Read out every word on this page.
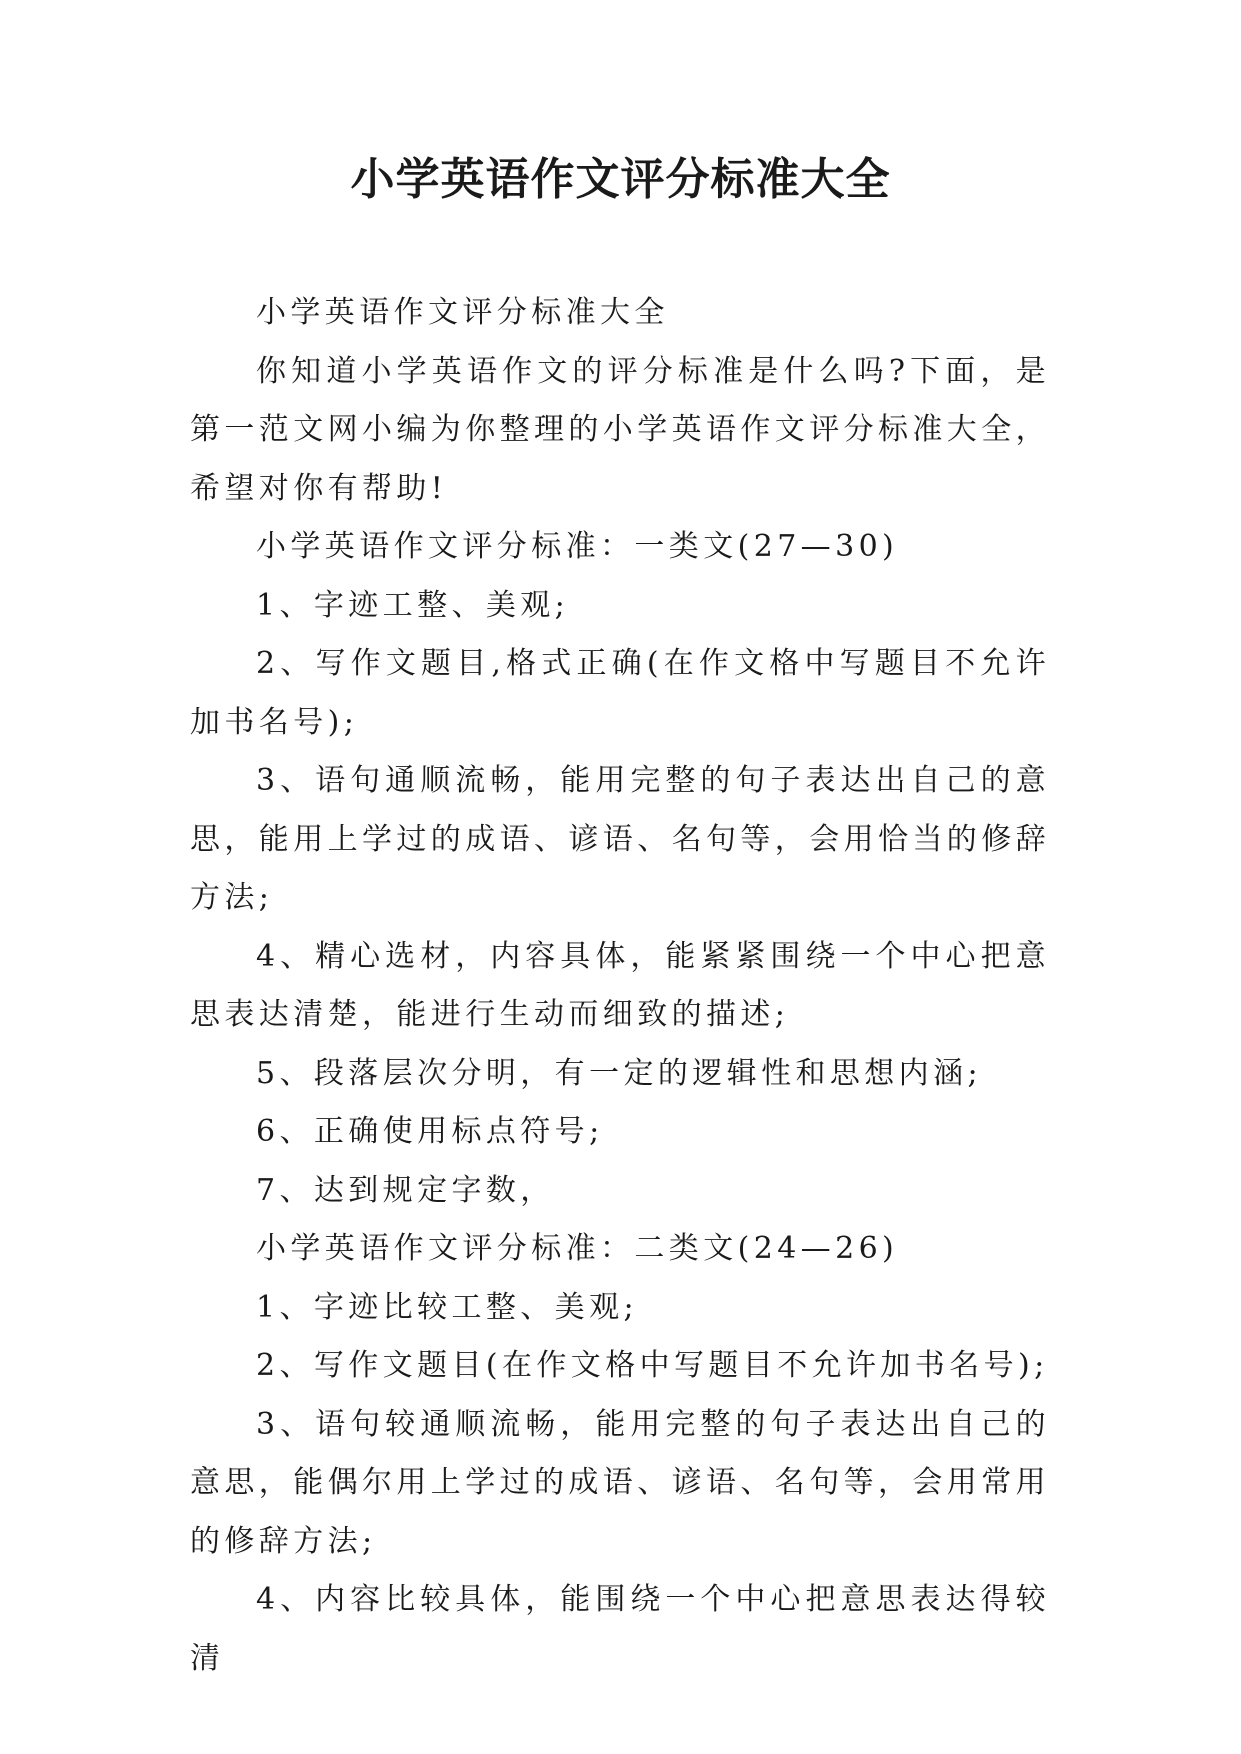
小学英语作文评分标准大全

小学英语作文评分标准大全

你知道小学英语作文的评分标准是什么吗?下面，是第一范文网小编为你整理的小学英语作文评分标准大全，希望对你有帮助!

小学英语作文评分标准：一类文(27—30)

1、字迹工整、美观;

2、写作文题目,格式正确(在作文格中写题目不允许加书名号);

3、语句通顺流畅，能用完整的句子表达出自己的意思，能用上学过的成语、谚语、名句等，会用恰当的修辞方法;

4、精心选材，内容具体，能紧紧围绕一个中心把意思表达清楚，能进行生动而细致的描述;

5、段落层次分明，有一定的逻辑性和思想内涵;

6、正确使用标点符号;

7、达到规定字数，

小学英语作文评分标准：二类文(24—26)

1、字迹比较工整、美观;

2、写作文题目(在作文格中写题目不允许加书名号);

3、语句较通顺流畅，能用完整的句子表达出自己的意思，能偶尔用上学过的成语、谚语、名句等，会用常用的修辞方法;

4、内容比较具体，能围绕一个中心把意思表达得较清
